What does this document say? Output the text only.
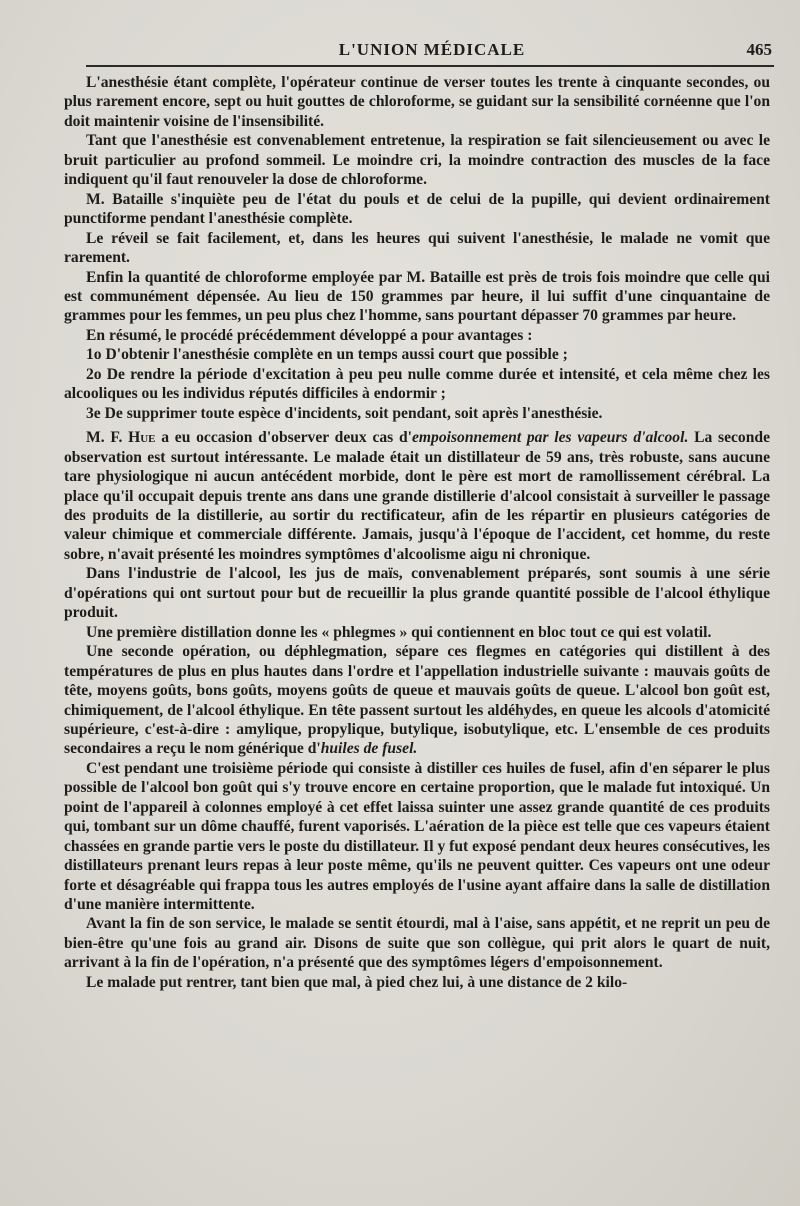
L'UNION MÉDICALE	465

L'anesthésie étant complète, l'opérateur continue de verser toutes les trente à cinquante secondes, ou plus rarement encore, sept ou huit gouttes de chloroforme, se guidant sur la sensibilité cornéenne que l'on doit maintenir voisine de l'insensibilité.

Tant que l'anesthésie est convenablement entretenue, la respiration se fait silencieusement ou avec le bruit particulier au profond sommeil. Le moindre cri, la moindre contraction des muscles de la face indiquent qu'il faut renouveler la dose de chloroforme.

M. Bataille s'inquiète peu de l'état du pouls et de celui de la pupille, qui devient ordinairement punctiforme pendant l'anesthésie complète.

Le réveil se fait facilement, et, dans les heures qui suivent l'anesthésie, le malade ne vomit que rarement.

Enfin la quantité de chloroforme employée par M. Bataille est près de trois fois moindre que celle qui est communément dépensée. Au lieu de 150 grammes par heure, il lui suffit d'une cinquantaine de grammes pour les femmes, un peu plus chez l'homme, sans pourtant dépasser 70 grammes par heure.

En résumé, le procédé précédemment développé a pour avantages :

1o D'obtenir l'anesthésie complète en un temps aussi court que possible ;

2o De rendre la période d'excitation à peu peu nulle comme durée et intensité, et cela même chez les alcooliques ou les individus réputés difficiles à endormir ;

3e De supprimer toute espèce d'incidents, soit pendant, soit après l'anesthésie.

M. F. Hue a eu occasion d'observer deux cas d'empoisonnement par les vapeurs d'alcool. La seconde observation est surtout intéressante. Le malade était un distillateur de 59 ans, très robuste, sans aucune tare physiologique ni aucun antécédent morbide, dont le père est mort de ramollissement cérébral. La place qu'il occupait depuis trente ans dans une grande distillerie d'alcool consistait à surveiller le passage des produits de la distillerie, au sortir du rectificateur, afin de les répartir en plusieurs catégories de valeur chimique et commerciale différente. Jamais, jusqu'à l'époque de l'accident, cet homme, du reste sobre, n'avait présenté les moindres symptômes d'alcoolisme aigu ni chronique.

Dans l'industrie de l'alcool, les jus de maïs, convenablement préparés, sont soumis à une série d'opérations qui ont surtout pour but de recueillir la plus grande quantité possible de l'alcool éthylique produit.

Une première distillation donne les « phlegmes » qui contiennent en bloc tout ce qui est volatil.

Une seconde opération, ou déphlegmation, sépare ces flegmes en catégories qui distillent à des températures de plus en plus hautes dans l'ordre et l'appellation industrielle suivante : mauvais goûts de tête, moyens goûts, bons goûts, moyens goûts de queue et mauvais goûts de queue. L'alcool bon goût est, chimiquement, de l'alcool éthylique. En tête passent surtout les aldéhydes, en queue les alcools d'atomicité supérieure, c'est-à-dire : amylique, propylique, butylique, isobutylique, etc. L'ensemble de ces produits secondaires a reçu le nom générique d'huiles de fusel.

C'est pendant une troisième période qui consiste à distiller ces huiles de fusel, afin d'en séparer le plus possible de l'alcool bon goût qui s'y trouve encore en certaine proportion, que le malade fut intoxiqué. Un point de l'appareil à colonnes employé à cet effet laissa suinter une assez grande quantité de ces produits qui, tombant sur un dôme chauffé, furent vaporisés. L'aération de la pièce est telle que ces vapeurs étaient chassées en grande partie vers le poste du distillateur. Il y fut exposé pendant deux heures consécutives, les distillateurs prenant leurs repas à leur poste même, qu'ils ne peuvent quitter. Ces vapeurs ont une odeur forte et désagréable qui frappa tous les autres employés de l'usine ayant affaire dans la salle de distillation d'une manière intermittente.

Avant la fin de son service, le malade se sentit étourdi, mal à l'aise, sans appétit, et ne reprit un peu de bien-être qu'une fois au grand air. Disons de suite que son collègue, qui prit alors le quart de nuit, arrivant à la fin de l'opération, n'a présenté que des symptômes légers d'empoisonnement.

Le malade put rentrer, tant bien que mal, à pied chez lui, à une distance de 2 kilo-
